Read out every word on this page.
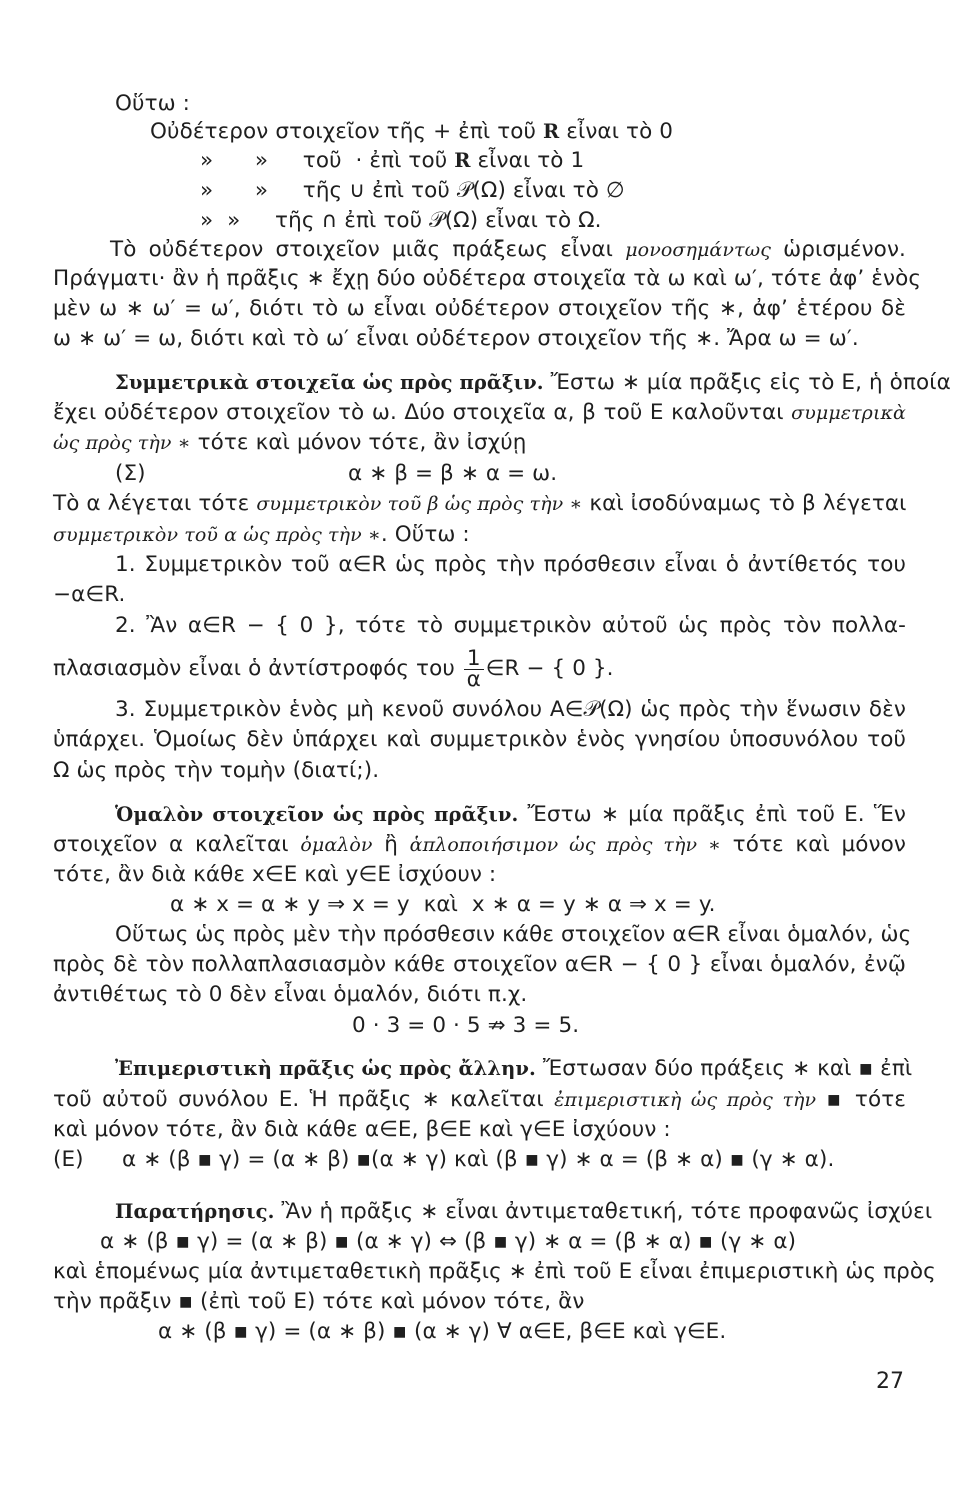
Οὕτω :
Οὐδέτερον στοιχεῖον τῆς + ἐπὶ τοῦ R εἶναι τὸ 0
»      »     τοῦ  · ἐπὶ τοῦ R εἶναι τὸ 1
»      »     τῆς ∪ ἐπὶ τοῦ 𝒫(Ω) εἶναι τὸ ∅
»  »     τῆς ∩ ἐπὶ τοῦ 𝒫(Ω) εἶναι τὸ Ω.
Τὸ οὐδέτερον στοιχεῖον μιᾶς πράξεως εἶναι μονοσημάντως ὡρισμένον.
Πράγματι· ἂν ἡ πρᾶξις ∗ ἔχῃ δύο οὐδέτερα στοιχεῖα τὰ ω καὶ ω′, τότε ἀφ’ ἑνὸς
μὲν ω ∗ ω′ = ω′, διότι τὸ ω εἶναι οὐδέτερον στοιχεῖον τῆς ∗, ἀφ’ ἑτέρου δὲ
ω ∗ ω′ = ω, διότι καὶ τὸ ω′ εἶναι οὐδέτερον στοιχεῖον τῆς ∗. Ἄρα ω = ω′.
Συμμετρικὰ στοιχεῖα ὡς πρὸς πρᾶξιν. Ἔστω ∗ μία πρᾶξις εἰς τὸ Ε, ἡ ὁποία
ἔχει οὐδέτερον στοιχεῖον τὸ ω. Δύο στοιχεῖα α, β τοῦ Ε καλοῦνται συμμετρικὰ
ὡς πρὸς τὴν ∗ τότε καὶ μόνον τότε, ἂν ἰσχύῃ
(Σ)	α ∗ β = β ∗ α = ω.
Τὸ α λέγεται τότε συμμετρικὸν τοῦ β ὡς πρὸς τὴν ∗ καὶ ἰσοδύναμως τὸ β λέγεται
συμμετρικὸν τοῦ α ὡς πρὸς τὴν ∗. Οὕτω :
1. Συμμετρικὸν τοῦ α∈R ὡς πρὸς τὴν πρόσθεσιν εἶναι ὁ ἀντίθετός του
−α∈R.
2. Ἂν α∈R − { 0 }, τότε τὸ συμμετρικὸν αὐτοῦ ὡς πρὸς τὸν πολλα-
πλασιασμὸν εἶναι ὁ ἀντίστροφός του $\frac{1}{\alpha}$ ∈R − { 0 }.
3. Συμμετρικὸν ἑνὸς μὴ κενοῦ συνόλου Α∈𝒫(Ω) ὡς πρὸς τὴν ἕνωσιν δὲν
ὑπάρχει. Ὁμοίως δὲν ὑπάρχει καὶ συμμετρικὸν ἑνὸς γνησίου ὑποσυνόλου τοῦ
Ω ὡς πρὸς τὴν τομὴν (διατί;).
Ὁμαλὸν στοιχεῖον ὡς πρὸς πρᾶξιν. Ἔστω ∗ μία πρᾶξις ἐπὶ τοῦ Ε. Ἕν
στοιχεῖον α καλεῖται ὁμαλὸν ἢ ἁπλοποιήσιμον ὡς πρὸς τὴν ∗ τότε καὶ μόνον
τότε, ἂν διὰ κάθε x∈E καὶ y∈E ἰσχύουν :
α ∗ x = α ∗ y ⇒ x = y  καὶ  x ∗ α = y ∗ α ⇒ x = y.
Οὕτως ὡς πρὸς μὲν τὴν πρόσθεσιν κάθε στοιχεῖον α∈R εἶναι ὁμαλόν, ὡς
πρὸς δὲ τὸν πολλαπλασιασμὸν κάθε στοιχεῖον α∈R − { 0 } εἶναι ὁμαλόν, ἐνῷ
ἀντιθέτως τὸ 0 δὲν εἶναι ὁμαλόν, διότι π.χ.
0 · 3 = 0 · 5 ⇏ 3 = 5.
Ἐπιμεριστικὴ πρᾶξις ὡς πρὸς ἄλλην. Ἔστωσαν δύο πράξεις ∗ καὶ ▪ ἐπὶ
τοῦ αὐτοῦ συνόλου Ε. Ἡ πρᾶξις ∗ καλεῖται ἐπιμεριστικὴ ὡς πρὸς τὴν ▪ τότε
καὶ μόνον τότε, ἂν διὰ κάθε α∈E, β∈E καὶ γ∈E ἰσχύουν :
(Ε) α ∗ (β ▪ γ) = (α ∗ β) ▪(α ∗ γ) καὶ (β ▪ γ) ∗ α = (β ∗ α) ▪ (γ ∗ α).
Παρατήρησις. Ἂν ἡ πρᾶξις ∗ εἶναι ἀντιμεταθετική, τότε προφανῶς ἰσχύει
α ∗ (β ▪ γ) = (α ∗ β) ▪ (α ∗ γ) ⇔ (β ▪ γ) ∗ α = (β ∗ α) ▪ (γ ∗ α)
καὶ ἑπομένως μία ἀντιμεταθετικὴ πρᾶξις ∗ ἐπὶ τοῦ Ε εἶναι ἐπιμεριστικὴ ὡς πρὸς
τὴν πρᾶξιν ▪ (ἐπὶ τοῦ Ε) τότε καὶ μόνον τότε, ἂν
α ∗ (β ▪ γ) = (α ∗ β) ▪ (α ∗ γ) ∀ α∈E, β∈E καὶ γ∈E.
27
